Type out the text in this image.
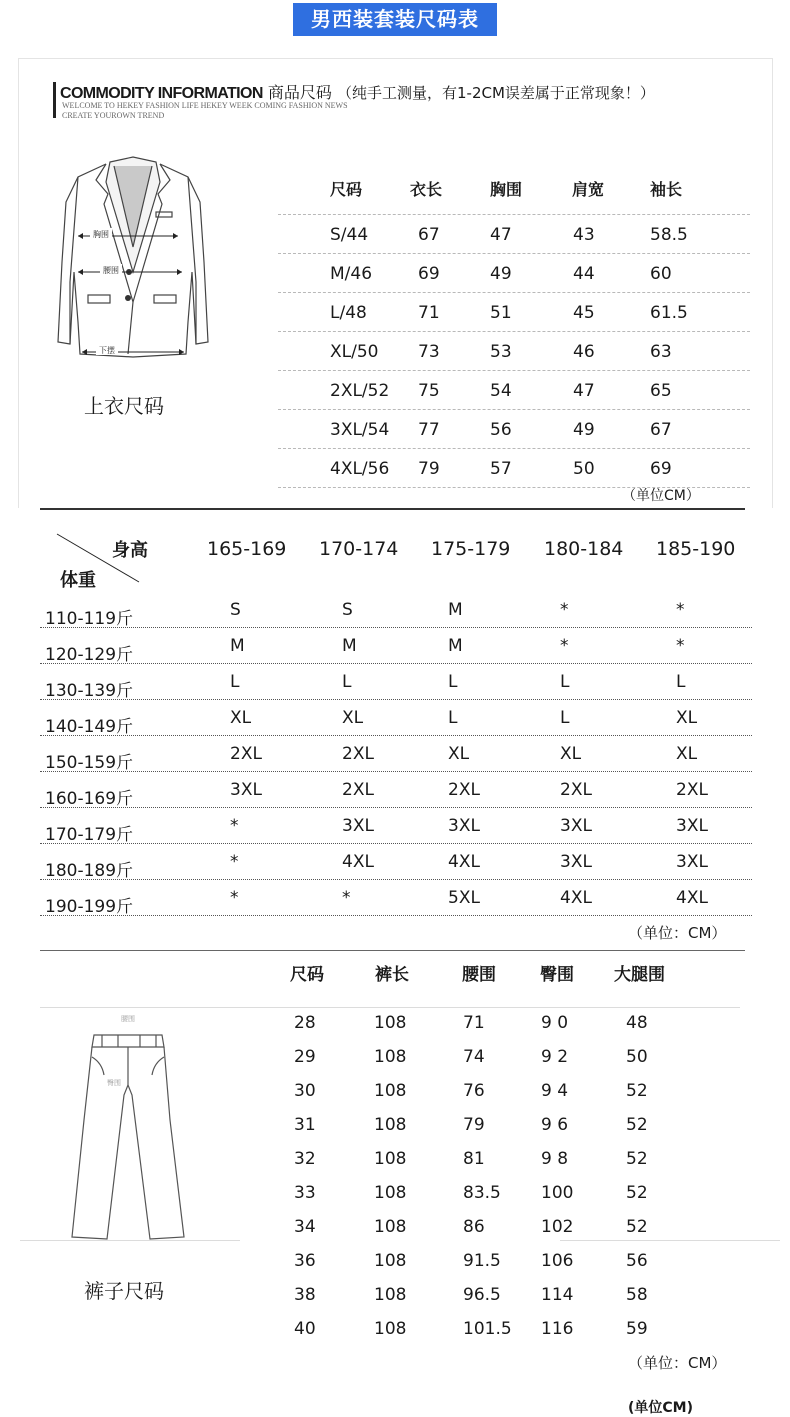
男西装套装尺码表
COMMODITY INFORMATION 商品尺码 （纯手工测量，有1-2CM误差属于正常现象！）
WELCOME TO HEKEY FASHION LIFE HEKEY WEEK COMING FASHION NEWS
CREATE YOUROWN TREND
胸围
腰围
下摆
上衣尺码
尺码	衣长	胸围	肩宽	袖长
S/44	67	47	43	58.5
M/46	69	49	44	60
L/48	71	51	45	61.5
XL/50 73	53	46	63
2XL/52 75	54	47	65
3XL/54 77	56	49	67
4XL/56 79	57	50	69
（单位CM）
身高
体重
165-169 170-174 175-179 180-184 185-190
110-119斤	S	S	M	*	*
120-129斤	M	M	M	*	*
130-139斤	L	L	L	L	L
140-149斤	XL	XL	L	L	XL
150-159斤	2XL	2XL	XL	XL	XL
160-169斤	3XL	2XL	2XL	2XL	2XL
170-179斤	*	3XL	3XL	3XL	3XL
180-189斤	*	4XL	4XL	3XL	3XL
190-199斤	*	*	5XL	4XL	4XL
（单位：CM）
腰围
臀围
裤子尺码
尺码	裤长	腰围	臀围 大腿围
28	108	71	9 0	48
29	108	74	9 2	50
30	108	76	9 4	52
31	108	79	9 6	52
32	108	81	9 8	52
33	108	83.5 100	52
34	108	86	102	52
36	108	91.5 106	56
38	108	96.5 114	58
40	108	101.5 116	59
（单位：CM）
(单位CM)
